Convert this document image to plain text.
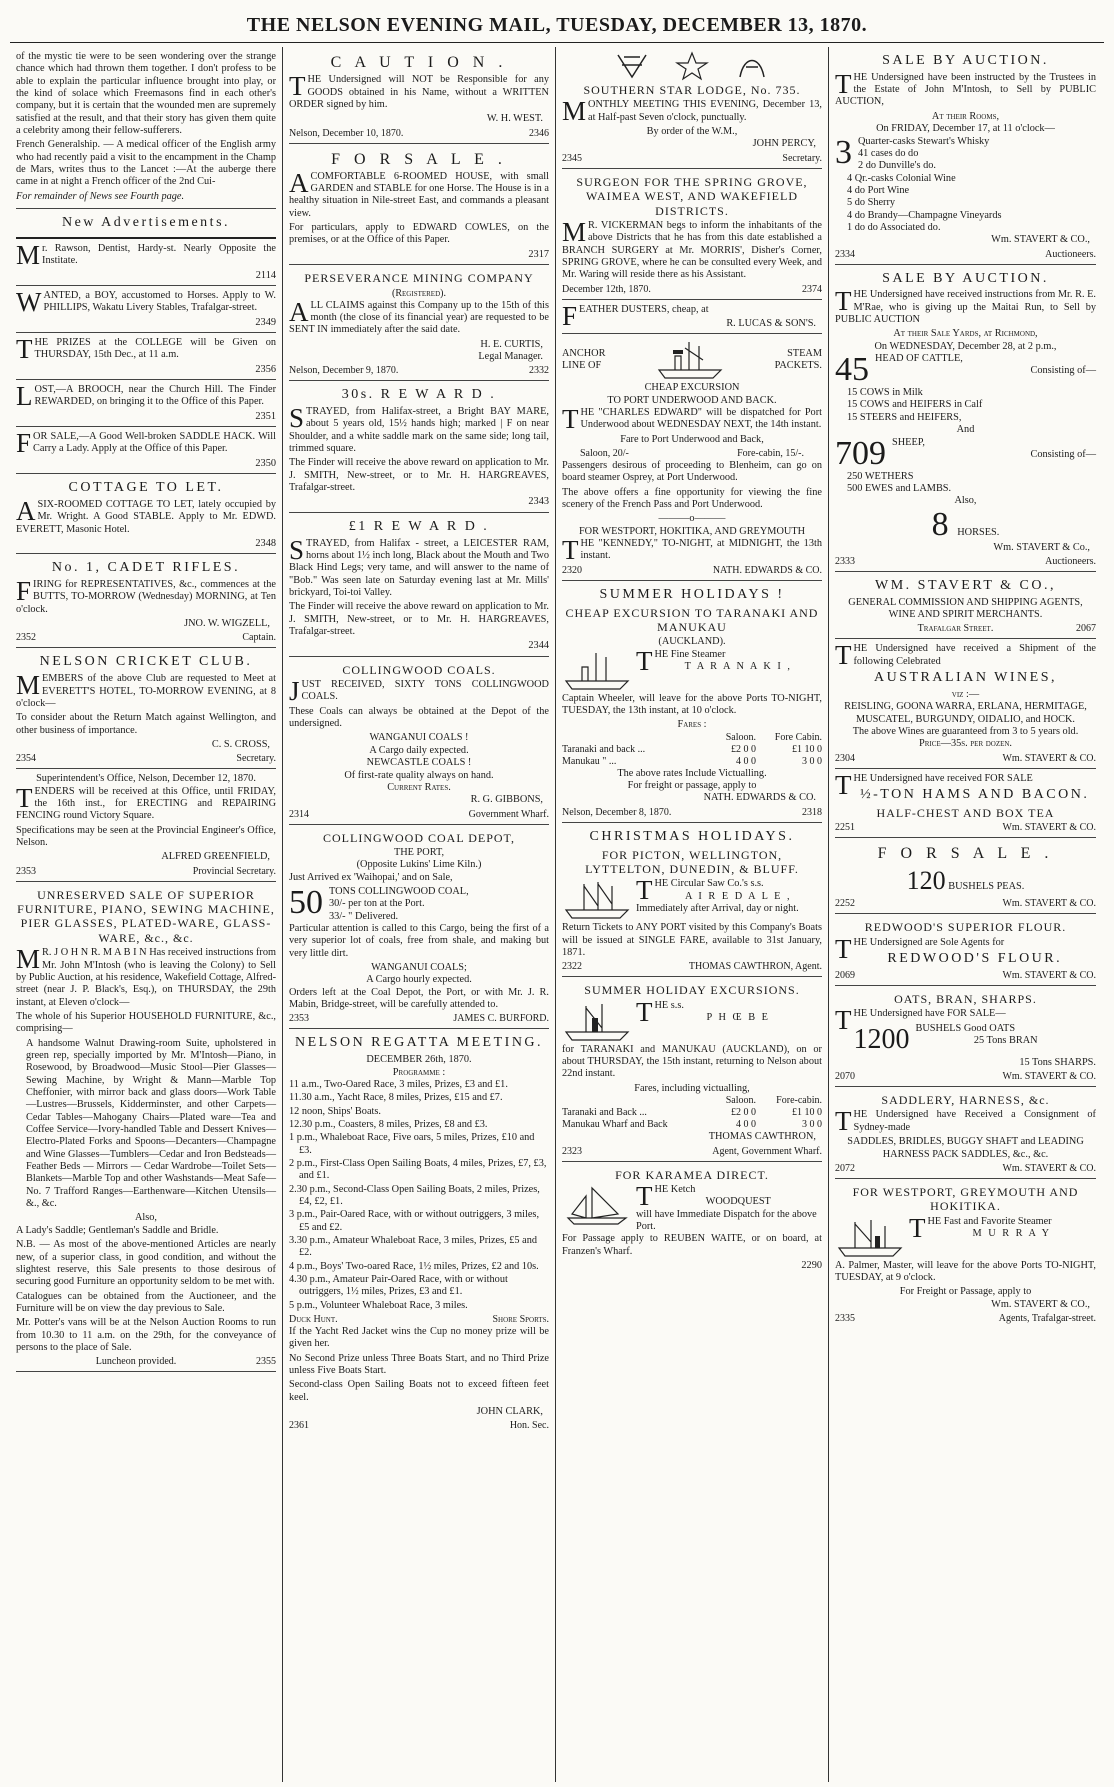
THE NELSON EVENING MAIL, TUESDAY, DECEMBER 13, 1870.

of the mystic tie were to be seen wondering over the strange chance which had thrown them together. I don't profess to be able to explain the particular influence brought into play, or the kind of solace which Freemasons find in each other's company, but it is certain that the wounded men are supremely satisfied at the result, and that their story has given them quite a celebrity among their fellow-sufferers.

French Generalship. — A medical officer of the English army who had recently paid a visit to the encampment in the Champ de Mars, writes thus to the Lancet :—At the auberge there came in at night a French officer of the 2nd Cui-

For remainder of News see Fourth page.

New Advertisements.

Mr. Rawson, Dentist, Hardy-st. Nearly Opposite the Institate.

2114

WANTED, a BOY, accustomed to Horses. Apply to W. PHILLIPS, Wakatu Livery Stables, Trafalgar-street.

2349

THE PRIZES at the COLLEGE will be Given on THURSDAY, 15th Dec., at 11 a.m.

2356

LOST,—A BROOCH, near the Church Hill. The Finder REWARDED, on bringing it to the Office of this Paper.

2351

FOR SALE,—A Good Well-broken SADDLE HACK. Will Carry a Lady. Apply at the Office of this Paper.

2350
COTTAGE TO LET.

ASIX-ROOMED COTTAGE TO LET, lately occupied by Mr. Wright. A Good STABLE. Apply to Mr. EDWD. EVERETT, Masonic Hotel.

2348
No. 1, CADET RIFLES.

FIRING for REPRESENTATIVES, &c., commences at the BUTTS, TO-MORROW (Wednesday) MORNING, at Ten o'clock.

JNO. W. WIGZELL,
2352	Captain.
NELSON CRICKET CLUB.

MEMBERS of the above Club are requested to Meet at EVERETT'S HOTEL, TO-MORROW EVENING, at 8 o'clock—

To consider about the Return Match against Wellington, and other business of importance.

C. S. CROSS,
2354	Secretary.
Superintendent's Office, Nelson, December 12, 1870.

TENDERS will be received at this Office, until FRIDAY, the 16th inst., for ERECTING and REPAIRING FENCING round Victory Square.

Specifications may be seen at the Provincial Engineer's Office, Nelson.

ALFRED GREENFIELD,
2353	Provincial Secretary.
UNRESERVED SALE OF SUPERIOR FURNITURE, PIANO, SEWING MACHINE, PIER GLASSES, PLATED-WARE, GLASS-WARE, &c., &c.

MR. J O H N R. M A B I N Has received instructions from Mr. John M'Intosh (who is leaving the Colony) to Sell by Public Auction, at his residence, Wakefield Cottage, Alfred-street (near J. P. Black's, Esq.), on THURSDAY, the 29th instant, at Eleven o'clock—

The whole of his Superior HOUSEHOLD FURNITURE, &c., comprising—

A handsome Walnut Drawing-room Suite, upholstered in green rep, specially imported by Mr. M'Intosh—Piano, in Rosewood, by Broadwood—Music Stool—Pier Glasses—Sewing Machine, by Wright & Mann—Marble Top Cheffonier, with mirror back and glass doors—Work Table—Lustres—Brussels, Kidderminster, and other Carpets—Cedar Tables—Mahogany Chairs—Plated ware—Tea and Coffee Service—Ivory-handled Table and Dessert Knives—Electro-Plated Forks and Spoons—Decanters—Champagne and Wine Glasses—Tumblers—Cedar and Iron Bedsteads—Feather Beds — Mirrors — Cedar Wardrobe—Toilet Sets—Blankets—Marble Top and other Washstands—Meat Safe—No. 7 Trafford Ranges—Earthenware—Kitchen Utensils—&., &c.

Also,

A Lady's Saddle; Gentleman's Saddle and Bridle.

N.B. — As most of the above-mentioned Articles are nearly new, of a superior class, in good condition, and without the slightest reserve, this Sale presents to those desirous of securing good Furniture an opportunity seldom to be met with.

Catalogues can be obtained from the Auctioneer, and the Furniture will be on view the day previous to Sale.

Mr. Potter's vans will be at the Nelson Auction Rooms to run from 10.30 to 11 a.m. on the 29th, for the conveyance of persons to the place of Sale.

Luncheon provided.	2355
C A U T I O N .

THE Undersigned will NOT be Responsible for any GOODS obtained in his Name, without a WRITTEN ORDER signed by him.

W. H. WEST.
Nelson, December 10, 1870.	2346
F O R S A L E .

ACOMFORTABLE 6-ROOMED HOUSE, with small GARDEN and STABLE for one Horse. The House is in a healthy situation in Nile-street East, and commands a pleasant view.

For particulars, apply to EDWARD COWLES, on the premises, or at the Office of this Paper.

2317
PERSEVERANCE MINING COMPANY
(Registered).

ALL CLAIMS against this Company up to the 15th of this month (the close of its financial year) are requested to be SENT IN immediately after the said date.

H. E. CURTIS,
Legal Manager.
Nelson, December 9, 1870.	2332
30s. R E W A R D .

STRAYED, from Halifax-street, a Bright BAY MARE, about 5 years old, 15½ hands high; marked | F on near Shoulder, and a white saddle mark on the same side; long tail, trimmed square.

The Finder will receive the above reward on application to Mr. J. SMITH, New-street, or to Mr. H. HARGREAVES, Trafalgar-street.

2343
£1 R E W A R D .

STRAYED, from Halifax - street, a LEICESTER RAM, horns about 1½ inch long, Black about the Mouth and Two Black Hind Legs; very tame, and will answer to the name of "Bob." Was seen late on Saturday evening last at Mr. Mills' brickyard, Toi-toi Valley.

The Finder will receive the above reward on application to Mr. J. SMITH, New-street, or to Mr. H. HARGREAVES, Trafalgar-street.

2344
COLLINGWOOD COALS.

JUST RECEIVED, SIXTY TONS COLLINGWOOD COALS.

These Coals can always be obtained at the Depot of the undersigned.

WANGANUI COALS !
A Cargo daily expected.
NEWCASTLE COALS !
Of first-rate quality always on hand.
Current Rates.
R. G. GIBBONS,
2314	Government Wharf.
COLLINGWOOD COAL DEPOT,
THE PORT,
(Opposite Lukins' Lime Kiln.)

Just Arrived ex 'Waihopai,' and on Sale,

50 TONS COLLINGWOOD COAL,
30/- per ton at the Port.
33/- " Delivered.

Particular attention is called to this Cargo, being the first of a very superior lot of coals, free from shale, and making but very little dirt.

WANGANUI COALS;
A Cargo hourly expected.

Orders left at the Coal Depot, the Port, or with Mr. J. R. Mabin, Bridge-street, will be carefully attended to.

2353	JAMES C. BURFORD.
NELSON REGATTA MEETING.
DECEMBER 26th, 1870.
Programme :
11 a.m., Two-Oared Race, 3 miles, Prizes, £3 and £1.
11.30 a.m., Yacht Race, 8 miles, Prizes, £15 and £7.
12 noon, Ships' Boats.
12.30 p.m., Coasters, 8 miles, Prizes, £8 and £3.
1 p.m., Whaleboat Race, Five oars, 5 miles, Prizes, £10 and £3.
2 p.m., First-Class Open Sailing Boats, 4 miles, Prizes, £7, £3, and £1.
2.30 p.m., Second-Class Open Sailing Boats, 2 miles, Prizes, £4, £2, £1.
3 p.m., Pair-Oared Race, with or without outriggers, 3 miles, £5 and £2.
3.30 p.m., Amateur Whaleboat Race, 3 miles, Prizes, £5 and £2.
4 p.m., Boys' Two-oared Race, 1½ miles, Prizes, £2 and 10s.
4.30 p.m., Amateur Pair-Oared Race, with or without outriggers, 1½ miles, Prizes, £3 and £1.
5 p.m., Volunteer Whaleboat Race, 3 miles.
Duck Hunt.	Shore Sports.

If the Yacht Red Jacket wins the Cup no money prize will be given her.

No Second Prize unless Three Boats Start, and no Third Prize unless Five Boats Start.

Second-class Open Sailing Boats not to exceed fifteen feet keel.

JOHN CLARK,
2361	Hon. Sec.
SOUTHERN STAR LODGE, No. 735.

MONTHLY MEETING THIS EVENING, December 13, at Half-past Seven o'clock, punctually.

By order of the W.M.,
JOHN PERCY,
2345	Secretary.
SURGEON FOR THE SPRING GROVE, WAIMEA WEST, AND WAKEFIELD DISTRICTS.

MR. VICKERMAN begs to inform the inhabitants of the above Districts that he has from this date established a BRANCH SURGERY at Mr. MORRIS', Disher's Corner, SPRING GROVE, where he can be consulted every Week, and Mr. Waring will reside there as his Assistant.

December 12th, 1870.	2374

FEATHER DUSTERS, cheap, at

R. LUCAS & SON'S.
ANCHOR
LINE OF
STEAM
PACKETS.
CHEAP EXCURSION
TO PORT UNDERWOOD AND BACK.

THE "CHARLES EDWARD" will be dispatched for Port Underwood about WEDNESDAY NEXT, the 14th instant.

Fare to Port Underwood and Back,
Saloon, 20/-	Fore-cabin, 15/-.

Passengers desirous of proceeding to Blenheim, can go on board steamer Osprey, at Port Underwood.

The above offers a fine opportunity for viewing the fine scenery of the French Pass and Port Underwood.

———o———
FOR WESTPORT, HOKITIKA, AND GREYMOUTH

THE "KENNEDY," TO-NIGHT, at MIDNIGHT, the 13th instant.

2320	NATH. EDWARDS & CO.
SUMMER HOLIDAYS !
CHEAP EXCURSION TO TARANAKI AND MANUKAU
(AUCKLAND).
THE Fine Steamer
T A R A N A K I ,

Captain Wheeler, will leave for the above Ports TO-NIGHT, TUESDAY, the 13th instant, at 10 o'clock.

Fares :
Saloon.	Fore Cabin.
Taranaki and back ...	£2 0 0	£1 10 0
Manukau " ...	4 0 0	3 0 0
The above rates Include Victualling.
For freight or passage, apply to
NATH. EDWARDS & CO.
Nelson, December 8, 1870.	2318
CHRISTMAS HOLIDAYS.
FOR PICTON, WELLINGTON, LYTTELTON, DUNEDIN, & BLUFF.
THE Circular Saw Co.'s s.s.
A I R E D A L E ,
Immediately after Arrival, day or night.

Return Tickets to ANY PORT visited by this Company's Boats will be issued at SINGLE FARE, available to 31st January, 1871.

2322	THOMAS CAWTHRON, Agent.
SUMMER HOLIDAY EXCURSIONS.
THE s.s.
P H Œ B E

for TARANAKI and MANUKAU (AUCKLAND), on or about THURSDAY, the 15th instant, returning to Nelson about 22nd instant.

Fares, including victualling,
Saloon.	Fore-cabin.
Taranaki and Back ...	£2 0 0	£1 10 0
Manukau Wharf and Back	4 0 0	3 0 0
THOMAS CAWTHRON,
2323	Agent, Government Wharf.
FOR KARAMEA DIRECT.
THE Ketch
WOODQUEST
will have Immediate Dispatch for the above Port.

For Passage apply to REUBEN WAITE, or on board, at Franzen's Wharf.

2290
SALE BY AUCTION.

THE Undersigned have been instructed by the Trustees in the Estate of John M'Intosh, to Sell by PUBLIC AUCTION,

At their Rooms,
On FRIDAY, December 17, at 11 o'clock—
3 Quarter-casks Stewart's Whisky
41 cases do do
2 do Dunville's do.
4 Qr.-casks Colonial Wine
4 do Port Wine
5 do Sherry
4 do Brandy—Champagne Vineyards
1 do do Associated do.
Wm. STAVERT & CO.,
2334	Auctioneers.
SALE BY AUCTION.

THE Undersigned have received instructions from Mr. R. E. M'Rae, who is giving up the Maitai Run, to Sell by PUBLIC AUCTION

At their Sale Yards, at Richmond,
On WEDNESDAY, December 28, at 2 p.m.,
45 HEAD OF CATTLE,
Consisting of—
15 COWS in Milk
15 COWS and HEIFERS in Calf
15 STEERS and HEIFERS,
And
709 SHEEP,
Consisting of—
250 WETHERS
500 EWES and LAMBS.
Also,
8 HORSES.
Wm. STAVERT & Co.,
2333	Auctioneers.
WM. STAVERT & CO.,
GENERAL COMMISSION AND SHIPPING AGENTS,
WINE AND SPIRIT MERCHANTS.
Trafalgar Street.	2067

THE Undersigned have received a Shipment of the following Celebrated

AUSTRALIAN WINES,
viz :—
REISLING, GOONA WARRA, ERLANA, HERMITAGE, MUSCATEL, BURGUNDY, OIDALIO, and HOCK.
The above Wines are guaranteed from 3 to 5 years old.
Price—35s. per dozen.
2304	Wm. STAVERT & CO.

THE Undersigned have received FOR SALE

½-TON HAMS AND BACON.
HALF-CHEST AND BOX TEA
2251	Wm. STAVERT & CO.
F O R S A L E .
120 BUSHELS PEAS.
2252	Wm. STAVERT & CO.
REDWOOD'S SUPERIOR FLOUR.

THE Undersigned are Sole Agents for

REDWOOD'S FLOUR.
2069	Wm. STAVERT & CO.
OATS, BRAN, SHARPS.

THE Undersigned have FOR SALE—

1200 BUSHELS Good OATS
25 Tons BRAN
15 Tons SHARPS.
2070	Wm. STAVERT & CO.
SADDLERY, HARNESS, &c.

THE Undersigned have Received a Consignment of Sydney-made

SADDLES, BRIDLES, BUGGY SHAFT and LEADING HARNESS PACK SADDLES, &c., &c.
2072	Wm. STAVERT & CO.
FOR WESTPORT, GREYMOUTH AND HOKITIKA.
THE Fast and Favorite Steamer
M U R R A Y

A. Palmer, Master, will leave for the above Ports TO-NIGHT, TUESDAY, at 9 o'clock.

For Freight or Passage, apply to
Wm. STAVERT & CO.,
2335	Agents, Trafalgar-street.
